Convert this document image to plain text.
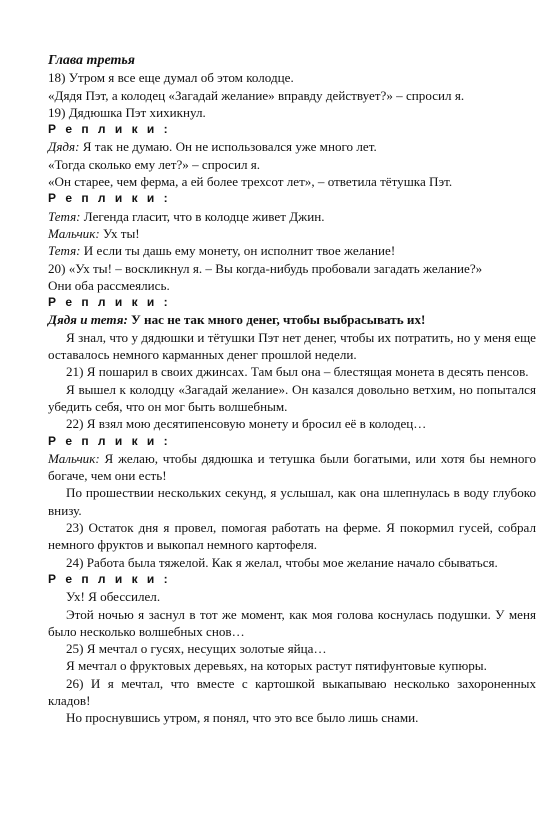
Глава третья
18) Утром я все еще думал об этом колодце.
«Дядя Пэт, а колодец «Загадай желание» вправду действует?» – спросил я.
19) Дядюшка Пэт хихикнул.
Р е п л и к и :
Дядя: Я так не думаю. Он не использовался уже много лет.
«Тогда сколько ему лет?» – спросил я.
«Он старее, чем ферма, а ей более трехсот лет», – ответила тётушка Пэт.
Р е п л и к и :
Тетя: Легенда гласит, что в колодце живет Джин.
Мальчик: Ух ты!
Тетя: И если ты дашь ему монету, он исполнит твое желание!
20) «Ух ты! – воскликнул я. – Вы когда-нибудь пробовали загадать желание?»
Они оба рассмеялись.
Р е п л и к и :
Дядя и тетя: У нас не так много денег, чтобы выбрасывать их!
Я знал, что у дядюшки и тётушки Пэт нет денег, чтобы их потратить, но у меня еще оставалось немного карманных денег прошлой недели.
21) Я пошарил в своих джинсах. Там был она – блестящая монета в десять пенсов.
Я вышел к колодцу «Загадай желание». Он казался довольно ветхим, но попытался убедить себя, что он мог быть волшебным.
22) Я взял мою десятипенсовую монету и бросил её в колодец…
Р е п л и к и :
Мальчик: Я желаю, чтобы дядюшка и тетушка были богатыми, или хотя бы немного богаче, чем они есть!
По прошествии нескольких секунд, я услышал, как она шлепнулась в воду глубоко внизу.
23) Остаток дня я провел, помогая работать на ферме. Я покормил гусей, собрал немного фруктов и выкопал немного картофеля.
24) Работа была тяжелой. Как я желал, чтобы мое желание начало сбываться.
Р е п л и к и :
Ух! Я обессилел.
Этой ночью я заснул в тот же момент, как моя голова коснулась подушки. У меня было несколько волшебных снов…
25) Я мечтал о гусях, несущих золотые яйца…
Я мечтал о фруктовых деревьях, на которых растут пятифунтовые купюры.
26) И я мечтал, что вместе с картошкой выкапываю несколько захороненных кладов!
Но проснувшись утром, я понял, что это все было лишь снами.
